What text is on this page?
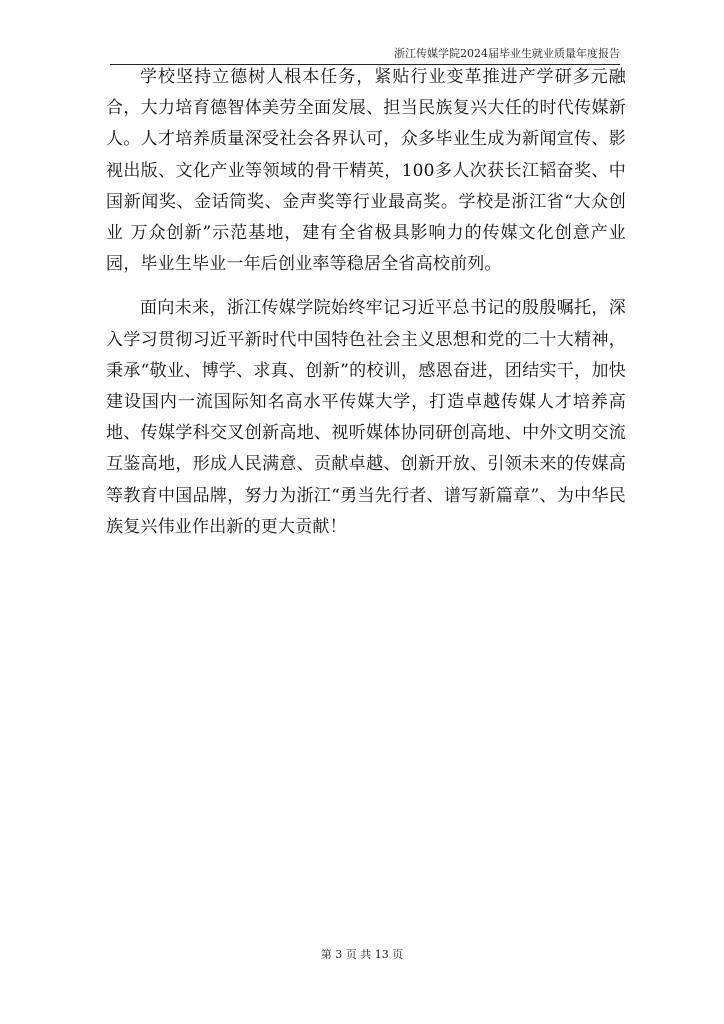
浙江传媒学院2024届毕业生就业质量年度报告

学校坚持立德树人根本任务，紧贴行业变革推进产学研多元融合，大力培育德智体美劳全面发展、担当民族复兴大任的时代传媒新人。人才培养质量深受社会各界认可，众多毕业生成为新闻宣传、影视出版、文化产业等领域的骨干精英，100多人次获长江韬奋奖、中国新闻奖、金话筒奖、金声奖等行业最高奖。学校是浙江省“大众创业 万众创新”示范基地，建有全省极具影响力的传媒文化创意产业园，毕业生毕业一年后创业率等稳居全省高校前列。

面向未来，浙江传媒学院始终牢记习近平总书记的殷殷嘱托，深入学习贯彻习近平新时代中国特色社会主义思想和党的二十大精神，秉承“敬业、博学、求真、创新”的校训，感恩奋进，团结实干，加快建设国内一流国际知名高水平传媒大学，打造卓越传媒人才培养高地、传媒学科交叉创新高地、视听媒体协同研创高地、中外文明交流互鉴高地，形成人民满意、贡献卓越、创新开放、引领未来的传媒高等教育中国品牌，努力为浙江“勇当先行者、谱写新篇章”、为中华民族复兴伟业作出新的更大贡献！

第 3 页 共 13 页
